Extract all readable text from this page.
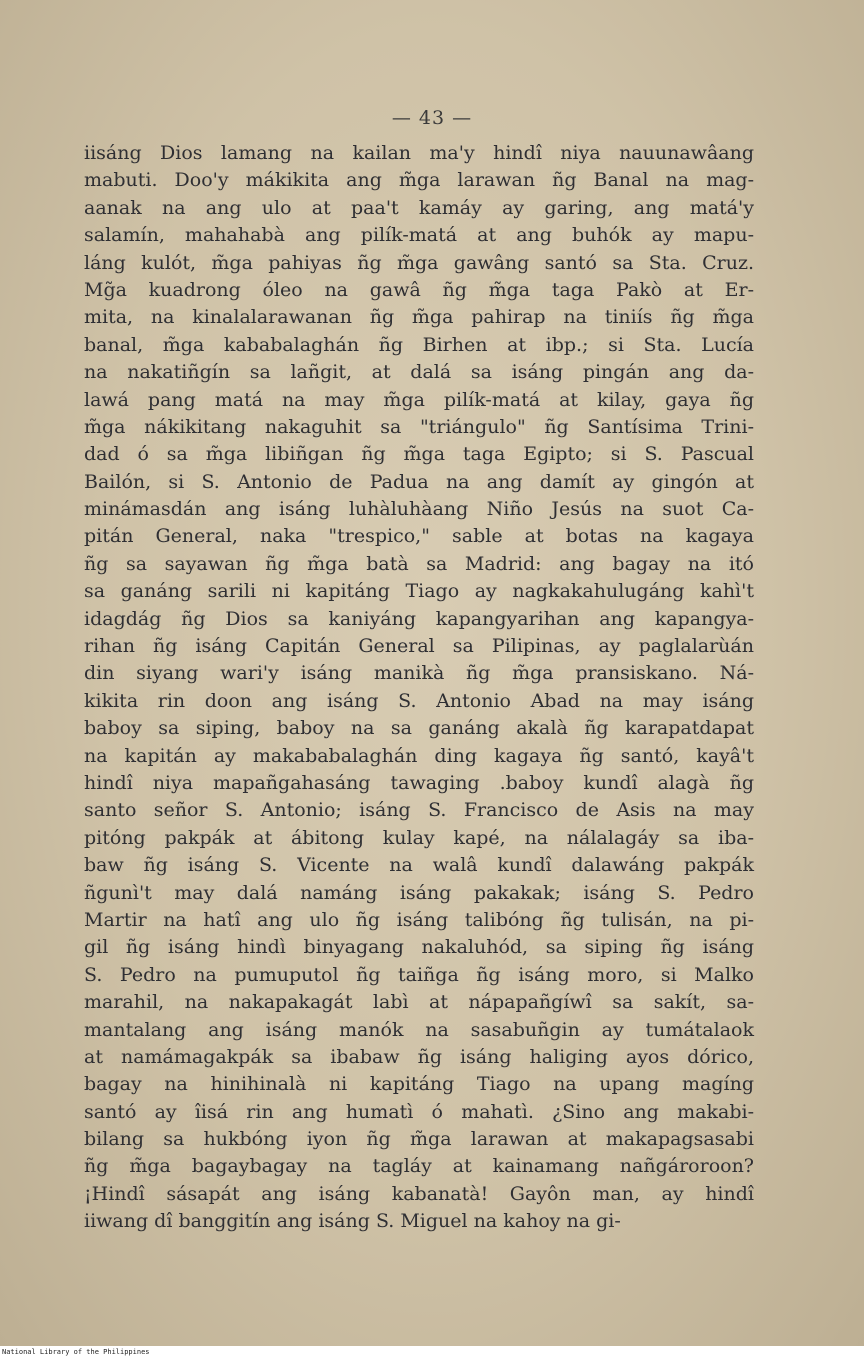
— 43 —
iisáng Dios lamang na kailan ma'y hindî niya nauunawâang
mabuti. Doo'y mákikita ang m̃ga larawan ñg Banal na mag-
aanak na ang ulo at paa't kamáy ay garing, ang matá'y
salamín, mahahabà ang pilík-matá at ang buhók ay mapu-
láng kulót, m̃ga pahiyas ñg m̃ga gawâng santó sa Sta. Cruz.
Mg̃a kuadrong óleo na gawâ ñg m̃ga taga Pakò at Er-
mita, na kinalalarawanan ñg m̃ga pahirap na tiniís ñg m̃ga
banal, m̃ga kababalaghán ñg Birhen at ibp.; si Sta. Lucía
na nakatiñgín sa lañgit, at dalá sa isáng pingán ang da-
lawá pang matá na may m̃ga pilík-matá at kilay, gaya ñg
m̃ga nákikitang nakaguhit sa "triángulo" ñg Santísima Trini-
dad ó sa m̃ga libiñgan ñg m̃ga taga Egipto; si S. Pascual
Bailón, si S. Antonio de Padua na ang damít ay gingón at
minámasdán ang isáng luhàluhàang Niño Jesús na suot Ca-
pitán General, naka "trespico," sable at botas na kagaya
ñg sa sayawan ñg m̃ga batà sa Madrid: ang bagay na itó
sa ganáng sarili ni kapitáng Tiago ay nagkakahulugáng kahì't
idagdág ñg Dios sa kaniyáng kapangyarihan ang kapangya-
rihan ñg isáng Capitán General sa Pilipinas, ay paglalarùán
din siyang wari'y isáng manikà ñg m̃ga pransiskano. Ná-
kikita rin doon ang isáng S. Antonio Abad na may isáng
baboy sa siping, baboy na sa ganáng akalà ñg karapatdapat
na kapitán ay makababalaghán ding kagaya ñg santó, kayâ't
hindî niya mapañgahasáng tawaging .baboy kundî alagà ñg
santo señor S. Antonio; isáng S. Francisco de Asis na may
pitóng pakpák at ábitong kulay kapé, na nálalagáy sa iba-
baw ñg isáng S. Vicente na walâ kundî dalawáng pakpák
ñgunì't may dalá namáng isáng pakakak; isáng S. Pedro
Martir na hatî ang ulo ñg isáng talibóng ñg tulisán, na pi-
gil ñg isáng hindì binyagang nakaluhód, sa siping ñg isáng
S. Pedro na pumuputol ñg taiñga ñg isáng moro, si Malko
marahil, na nakapakagát labì at nápapañgíwî sa sakít, sa-
mantalang ang isáng manók na sasabuñgin ay tumátalaok
at namámagakpák sa ibabaw ñg isáng haliging ayos dórico,
bagay na hinihinalà ni kapitáng Tiago na upang magíng
santó ay îisá rin ang humatì ó mahatì. ¿Sino ang makabi-
bilang sa hukbóng iyon ñg m̃ga larawan at makapagsasabi
ñg m̃ga bagaybagay na tagláy at kainamang nañgároroon?
¡Hindî sásapát ang isáng kabanatà! Gayôn man, ay hindî
iiwang dî banggitín ang isáng S. Miguel na kahoy na gi-
National Library of the Philippines
